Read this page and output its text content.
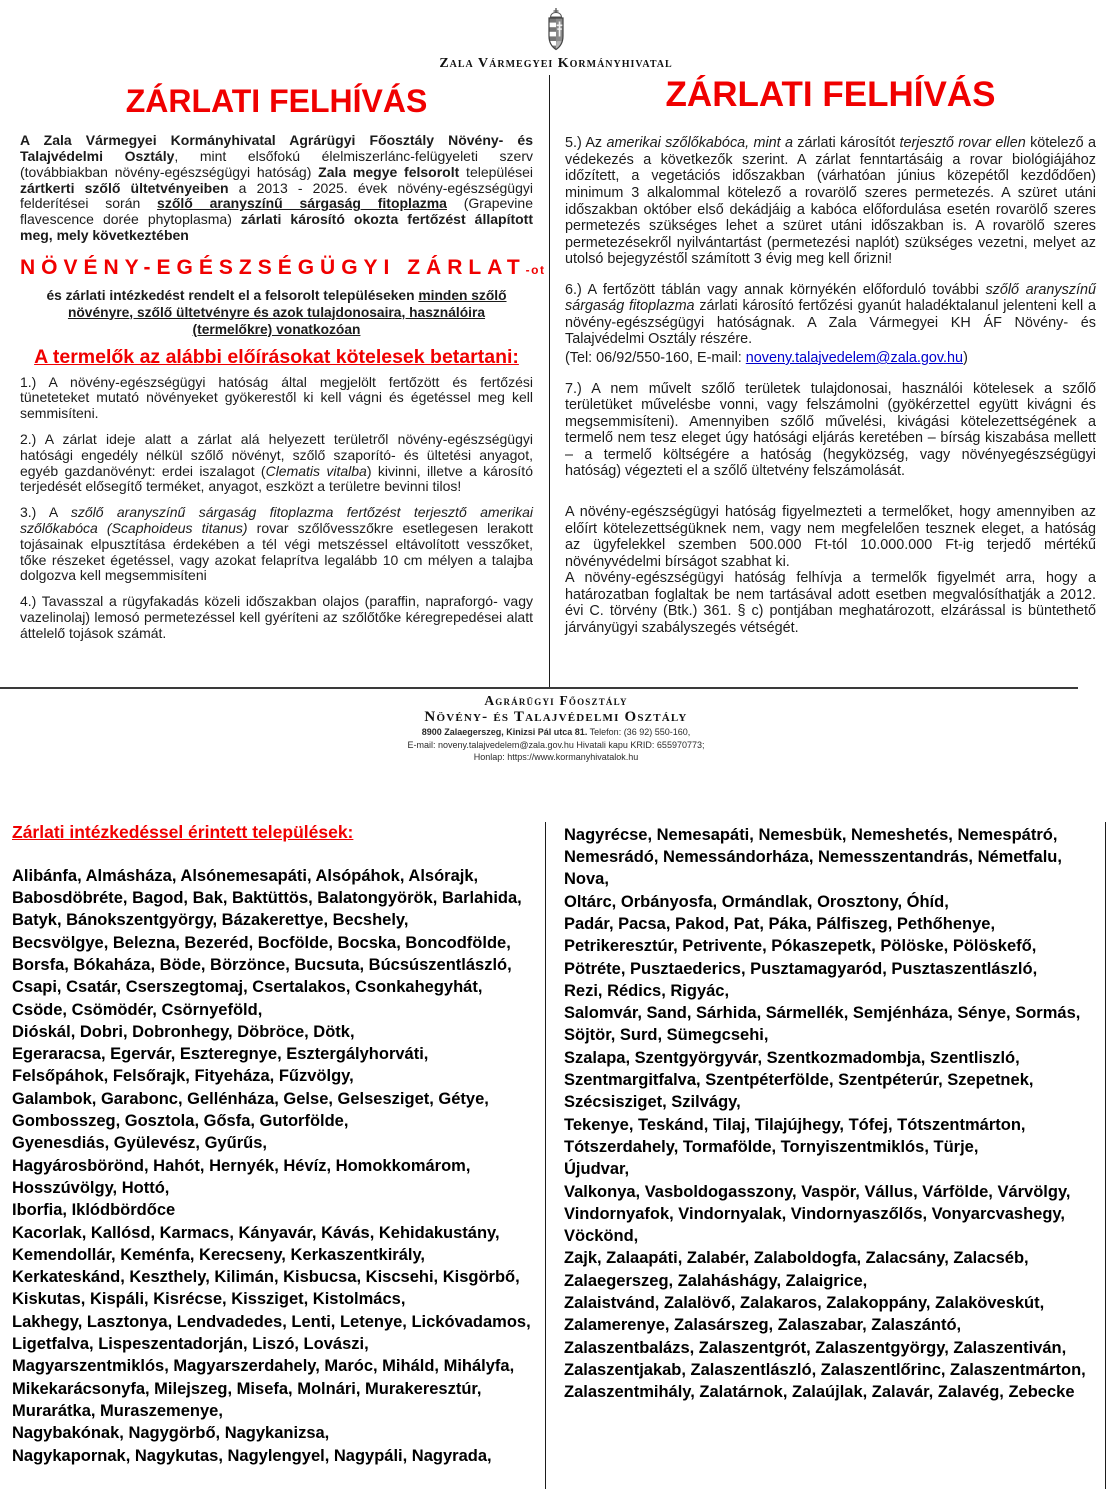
Zala Vármegyei Kormányhivatal
ZÁRLATI FELHÍVÁS

A Zala Vármegyei Kormányhivatal Agrárügyi Főosztály Növény- és Talajvédelmi Osztály, mint elsőfokú élelmiszerlánc-felügyeleti szerv (továbbiakban növény-egészségügyi hatóság) Zala megye felsorolt települései zártkerti szőlő ültetvényeiben a 2013 - 2025. évek növény-egészségügyi felderítései során szőlő aranyszínű sárgaság fitoplazma (Grapevine flavescence dorée phytoplasma) zárlati károsító okozta fertőzést állapított meg, mely következtében

NÖVÉNY-EGÉSZSÉGÜGYI ZÁRLAT-ot

és zárlati intézkedést rendelt el a felsorolt településeken minden szőlő növényre, szőlő ültetvényre és azok tulajdonosaira, használóira (termelőkre) vonatkozóan

A termelők az alábbi előírásokat kötelesek betartani:

1.) A növény-egészségügyi hatóság által megjelölt fertőzött és fertőzési tüneteteket mutató növényeket gyökerestől ki kell vágni és égetéssel meg kell semmisíteni.

2.) A zárlat ideje alatt a zárlat alá helyezett területről növény-egészségügyi hatósági engedély nélkül szőlő növényt, szőlő szaporító- és ültetési anyagot, egyéb gazdanövényt: erdei iszalagot (Clematis vitalba) kivinni, illetve a károsító terjedését elősegítő terméket, anyagot, eszközt a területre bevinni tilos!

3.) A szőlő aranyszínű sárgaság fitoplazma fertőzést terjesztő amerikai szőlőkabóca (Scaphoideus titanus) rovar szőlővesszőkre esetlegesen lerakott tojásainak elpusztítása érdekében a tél végi metszéssel eltávolított vesszőket, tőke részeket égetéssel, vagy azokat felaprítva legalább 10 cm mélyen a talajba dolgozva kell megsemmisíteni

4.) Tavasszal a rügyfakadás közeli időszakban olajos (paraffin, napraforgó- vagy vazelinolaj) lemosó permetezéssel kell gyéríteni az szőlőtőke kéregrepedései alatt áttelelő tojások számát.

ZÁRLATI FELHÍVÁS

5.) Az amerikai szőlőkabóca, mint a zárlati károsítót terjesztő rovar ellen kötelező a védekezés a következők szerint. A zárlat fenntartásáig a rovar biológiájához időzített, a vegetációs időszakban (várhatóan június közepétől kezdődően) minimum 3 alkalommal kötelező a rovarölő szeres permetezés. A szüret utáni időszakban október első dekádjáig a kabóca előfordulása esetén rovarölő szeres permetezés szükséges lehet a szüret utáni időszakban is. A rovarölő szeres permetezésekről nyilvántartást (permetezési naplót) szükséges vezetni, melyet az utolsó bejegyzéstől számított 3 évig meg kell őrizni!

6.) A fertőzött táblán vagy annak környékén előforduló további szőlő aranyszínű sárgaság fitoplazma zárlati károsító fertőzési gyanút haladéktalanul jelenteni kell a növény-egészségügyi hatóságnak. A Zala Vármegyei KH ÁF Növény- és Talajvédelmi Osztály részére.

(Tel: 06/92/550-160, E-mail: noveny.talajvedelem@zala.gov.hu)

7.) A nem művelt szőlő területek tulajdonosai, használói kötelesek a szőlő területüket művelésbe vonni, vagy felszámolni (gyökérzettel együtt kivágni és megsemmisíteni). Amennyiben szőlő művelési, kivágási kötelezettségének a termelő nem tesz eleget úgy hatósági eljárás keretében – bírság kiszabása mellett – a termelő költségére a hatóság (hegyközség, vagy növényegészségügyi hatóság) végezteti el a szőlő ültetvény felszámolását.

A növény-egészségügyi hatóság figyelmezteti a termelőket, hogy amennyiben az előírt kötelezettségüknek nem, vagy nem megfelelően tesznek eleget, a hatóság az ügyfelekkel szemben 500.000 Ft-tól 10.000.000 Ft-ig terjedő mértékű növényvédelmi bírságot szabhat ki.

A növény-egészségügyi hatóság felhívja a termelők figyelmét arra, hogy a határozatban foglaltak be nem tartásával adott esetben megvalósíthatják a 2012. évi C. törvény (Btk.) 361. § c) pontjában meghatározott, elzárással is büntethető járványügyi szabályszegés vétségét.

Agrárügyi Főosztály
Növény- és Talajvédelmi Osztály
8900 Zalaegerszeg, Kinizsi Pál utca 81. Telefon: (36 92) 550-160,
E-mail: noveny.talajvedelem@zala.gov.hu Hivatali kapu KRID: 655970773;
Honlap: https://www.kormanyhivatalok.hu
Zárlati intézkedéssel érintett települések:
Alibánfa, Almásháza, Alsónemesapáti, Alsópáhok, Alsórajk,
Babosdöbréte, Bagod, Bak, Baktüttös, Balatongyörök, Barlahida,
Batyk, Bánokszentgyörgy, Bázakerettye, Becshely,
Becsvölgye, Belezna, Bezeréd, Bocfölde, Bocska, Boncodfölde,
Borsfa, Bókaháza, Böde, Börzönce, Bucsuta, Búcsúszentlászló,
Csapi, Csatár, Cserszegtomaj, Csertalakos, Csonkahegyhát,
Csöde, Csömödér, Csörnyeföld,
Dióskál, Dobri, Dobronhegy, Döbröce, Dötk,
Egeraracsa, Egervár, Eszteregnye, Esztergályhorváti,
Felsőpáhok, Felsőrajk, Fityeháza, Fűzvölgy,
Galambok, Garabonc, Gellénháza, Gelse, Gelsesziget, Gétye,
Gombosszeg, Gosztola, Gősfa, Gutorfölde,
Gyenesdiás, Gyülevész, Gyűrűs,
Hagyárosbörönd, Hahót, Hernyék, Hévíz, Homokkomárom,
Hosszúvölgy, Hottó,
Iborfia, Iklódbördőce
Kacorlak, Kallósd, Karmacs, Kányavár, Kávás, Kehidakustány,
Kemendollár, Keménfa, Kerecseny, Kerkaszentkirály,
Kerkateskánd, Keszthely, Kilimán, Kisbucsa, Kiscsehi, Kisgörbő,
Kiskutas, Kispáli, Kisrécse, Kissziget, Kistolmács,
Lakhegy, Lasztonya, Lendvadedes, Lenti, Letenye, Lickóvadamos,
Ligetfalva, Lispeszentadorján, Liszó, Lovászi,
Magyarszentmiklós, Magyarszerdahely, Maróc, Miháld, Mihályfa,
Mikekarácsonyfa, Milejszeg, Misefa, Molnári, Murakeresztúr,
Murarátka, Muraszemenye,
Nagybakónak, Nagygörbő, Nagykanizsa,
Nagykapornak, Nagykutas, Nagylengyel, Nagypáli, Nagyrada,
Nagyrécse, Nemesapáti, Nemesbük, Nemeshetés, Nemespátró,
Nemesrádó, Nemessándorháza, Nemesszentandrás, Németfalu,
Nova,
Oltárc, Orbányosfa, Ormándlak, Orosztony, Óhíd,
Padár, Pacsa, Pakod, Pat, Páka, Pálfiszeg, Pethőhenye,
Petrikeresztúr, Petrivente, Pókaszepetk, Pölöske, Pölöskefő,
Pötréte, Pusztaederics, Pusztamagyaród, Pusztaszentlászló,
Rezi, Rédics, Rigyác,
Salomvár, Sand, Sárhida, Sármellék, Semjénháza, Sénye, Sormás,
Söjtör, Surd, Sümegcsehi,
Szalapa, Szentgyörgyvár, Szentkozmadombja, Szentliszló,
Szentmargitfalva, Szentpéterfölde, Szentpéterúr, Szepetnek,
Szécsisziget, Szilvágy,
Tekenye, Teskánd, Tilaj, Tilajújhegy, Tófej, Tótszentmárton,
Tótszerdahely, Tormafölde, Tornyiszentmiklós, Türje,
Újudvar,
Valkonya, Vasboldogasszony, Vaspör, Vállus, Várfölde, Várvölgy,
Vindornyafok, Vindornyalak, Vindornyaszőlős, Vonyarcvashegy,
Vöckönd,
Zajk, Zalaapáti, Zalabér, Zalaboldogfa, Zalacsány, Zalacséb,
Zalaegerszeg, Zalaháshágy, Zalaigrice,
Zalaistvánd, Zalalövő, Zalakaros, Zalakoppány, Zalaköveskút,
Zalamerenye, Zalasárszeg, Zalaszabar, Zalaszántó,
Zalaszentbalázs, Zalaszentgrót, Zalaszentgyörgy, Zalaszentiván,
Zalaszentjakab, Zalaszentlászló, Zalaszentlőrinc, Zalaszentmárton,
Zalaszentmihály, Zalatárnok, Zalaújlak, Zalavár, Zalavég, Zebecke
